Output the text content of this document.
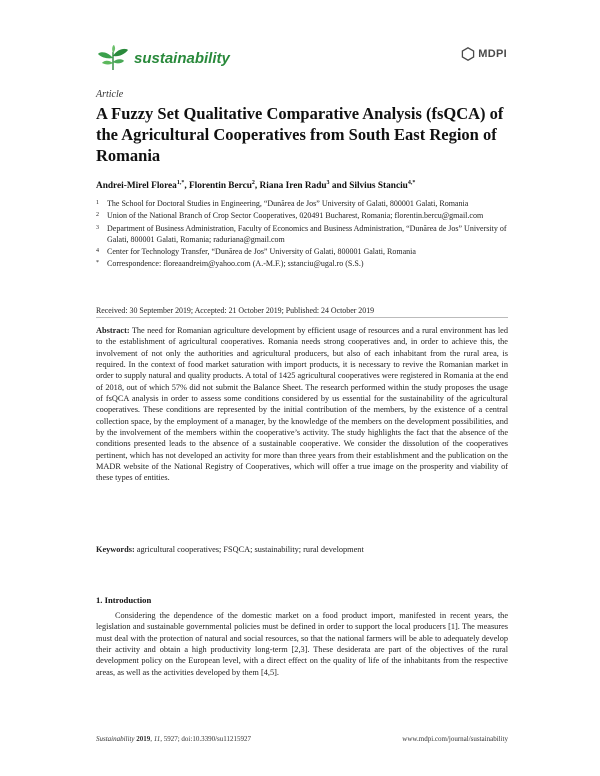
sustainability	MDPI
Article
A Fuzzy Set Qualitative Comparative Analysis (fsQCA) of the Agricultural Cooperatives from South East Region of Romania
Andrei-Mirel Florea$^{1,*}$, Florentin Bercu$^2$, Riana Iren Radu$^3$ and Silvius Stanciu$^{4,*}$
1	The School for Doctoral Studies in Engineering, “Dunărea de Jos” University of Galati, 800001 Galati, Romania
2	Union of the National Branch of Crop Sector Cooperatives, 020491 Bucharest, Romania; florentin.bercu@gmail.com
3	Department of Business Administration, Faculty of Economics and Business Administration, “Dunărea de Jos” University of Galati, 800001 Galati, Romania; raduriana@gmail.com
4	Center for Technology Transfer, “Dunărea de Jos” University of Galati, 800001 Galati, Romania
*	Correspondence: floreaandreim@yahoo.com (A.-M.F.); sstanciu@ugal.ro (S.S.)
Received: 30 September 2019; Accepted: 21 October 2019; Published: 24 October 2019
Abstract: The need for Romanian agriculture development by efficient usage of resources and a rural environment has led to the establishment of agricultural cooperatives. Romania needs strong cooperatives and, in order to achieve this, the involvement of not only the authorities and agricultural producers, but also of each inhabitant from the rural area, is required. In the context of food market saturation with import products, it is necessary to revive the Romanian market in order to supply natural and quality products. A total of 1425 agricultural cooperatives were registered in Romania at the end of 2018, out of which 57% did not submit the Balance Sheet. The research performed within the study proposes the usage of fsQCA analysis in order to assess some conditions considered by us essential for the sustainability of the agricultural cooperatives. These conditions are represented by the initial contribution of the members, by the existence of a central collection space, by the employment of a manager, by the knowledge of the members on the development possibilities, and by the involvement of the members within the cooperative’s activity. The study highlights the fact that the absence of the conditions presented leads to the absence of a sustainable cooperative. We consider the dissolution of the cooperatives pertinent, which has not developed an activity for more than three years from their establishment and the publication on the MADR website of the National Registry of Cooperatives, which will offer a true image on the prosperity and viability of these types of entities.
Keywords: agricultural cooperatives; FSQCA; sustainability; rural development
1. Introduction
Considering the dependence of the domestic market on a food product import, manifested in recent years, the legislation and sustainable governmental policies must be defined in order to support the local producers [1]. The measures must deal with the protection of natural and social resources, so that the national farmers will be able to adequately develop their activity and obtain a high productivity long-term [2,3]. These desiderata are part of the objectives of the rural development policy on the European level, with a direct effect on the quality of life of the inhabitants from the respective areas, as well as the activities developed by them [4,5].
Sustainability 2019, 11, 5927; doi:10.3390/su11215927	www.mdpi.com/journal/sustainability
